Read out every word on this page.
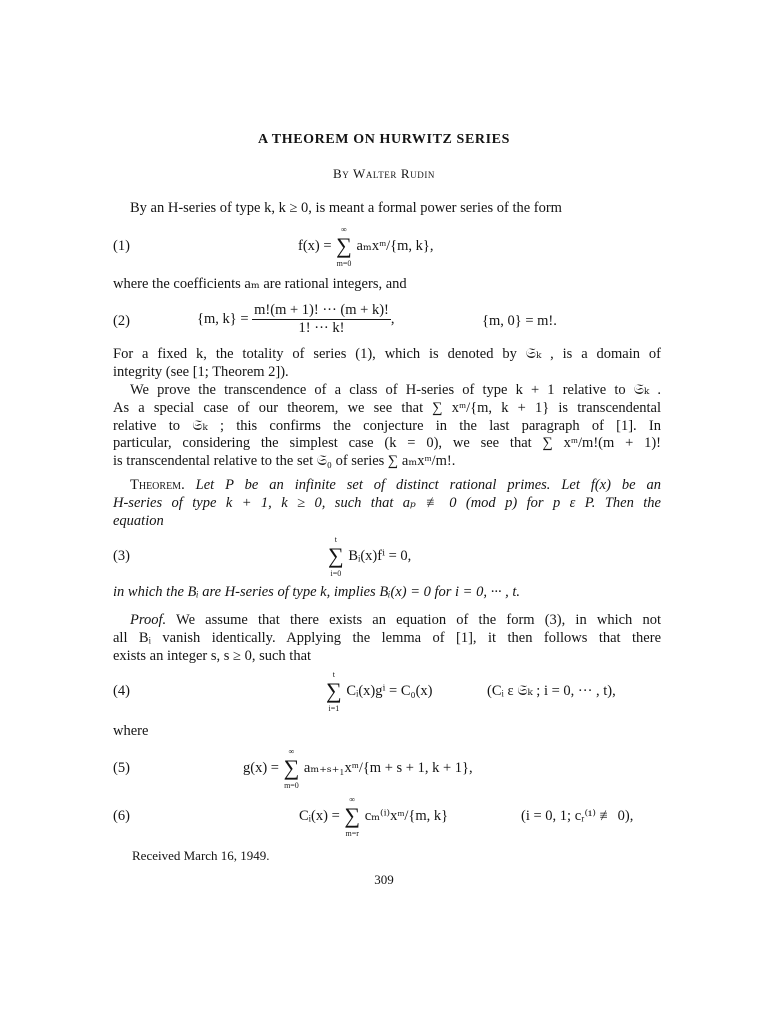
A THEOREM ON HURWITZ SERIES
By Walter Rudin
By an H-series of type k, k ≥ 0, is meant a formal power series of the form
(1)	f(x) = ∑
∞
m=0
aₘxᵐ/{m, k},
where the coefficients aₘ are rational integers, and
(2)	{m, $k\} = \frac{m!(m + 1)! \cdot\cdot\cdot (m + k)!}{1! \cdot\cdot\cdot k!}$ ,	{m, 0} = m!.
For a fixed k, the totality of series (1), which is denoted by 𝔖ₖ , is a domain of
integrity (see [1; Theorem 2]).
We prove the transcendence of a class of H-series of type k + 1 relative to 𝔖ₖ .
As a special case of our theorem, we see that ∑ xᵐ/{m, k + 1} is transcendental
relative to 𝔖ₖ ; this confirms the conjecture in the last paragraph of [1]. In
particular, considering the simplest case (k = 0), we see that ∑ xᵐ/m!(m + 1)!
is transcendental relative to the set 𝔖₀ of series ∑ aₘxᵐ/m!.
Theorem. Let P be an infinite set of distinct rational primes. Let f(x) be an
H-series of type k + 1, k ≥ 0, such that aₚ ≢ 0 (mod p) for p ε P. Then the
equation
(3)	∑
t
i=0
Bᵢ(x)fⁱ = 0,
in which the Bᵢ are H-series of type k, implies Bᵢ(x) = 0 for i = 0, ··· , t.
Proof. We assume that there exists an equation of the form (3), in which not
all Bᵢ vanish identically. Applying the lemma of [1], it then follows that there
exists an integer s, s ≥ 0, such that
(4)	∑
t
i=1
Cᵢ(x)gⁱ = C₀(x)	(Cᵢ ε 𝔖ₖ ; i = 0, ··· , t),
where
(5)	g(x) = ∑
∞
m=0
aₘ₊ₛ₊₁xᵐ/{m + s + 1, k + 1},
(6)	Cᵢ(x) = ∑
∞
m=r
cₘ⁽ⁱ⁾xᵐ/{m, k}	(i = 0, 1; cᵣ⁽¹⁾ ≢ 0),
Received March 16, 1949.
309
